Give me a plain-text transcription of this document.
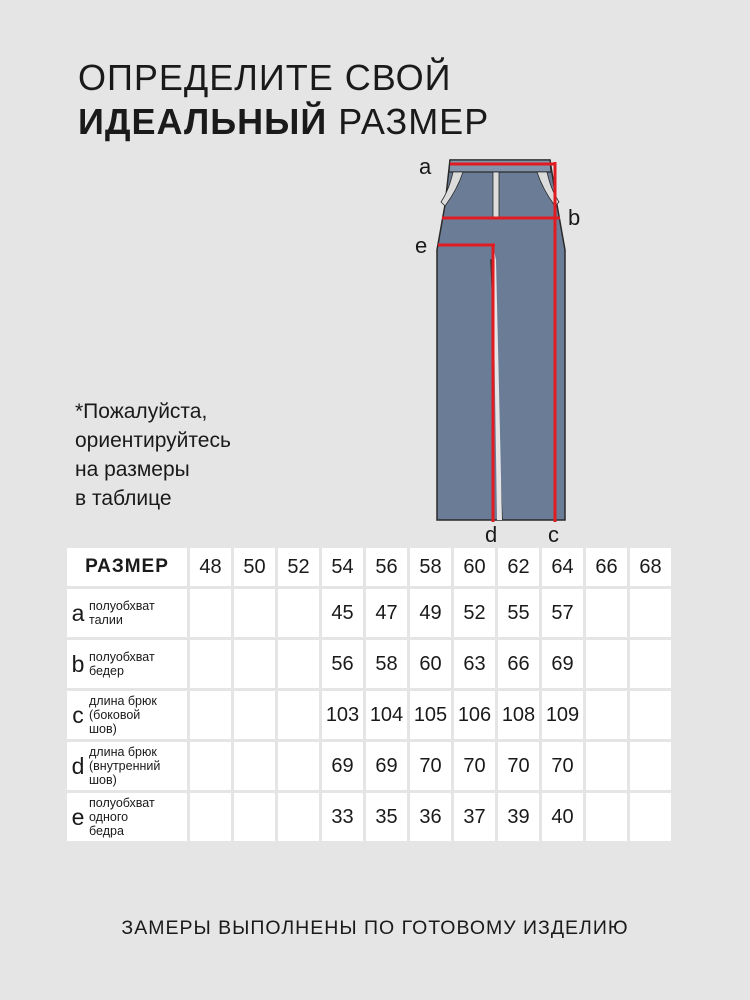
ОПРЕДЕЛИТЕ СВОЙ
ИДЕАЛЬНЫЙ РАЗМЕР
*Пожалуйста,
ориентируйтесь
на размеры
в таблице
a
b
e
d c
РАЗМЕР	48	50	52	54	56	58	60	62	64	66	68
a полуобхват
талии				45	47	49	52	55	57		
b полуобхват
бедер				56	58	60	63	66	69		
cдлина брюк
(боковой
шов)				103	104	105	106	108	109		
dдлина брюк
(внутренний
шов)				69	69	70	70	70	70		
eполуобхват
одного
бедра				33	35	36	37	39	40		
ЗАМЕРЫ ВЫПОЛНЕНЫ ПО ГОТОВОМУ ИЗДЕЛИЮ
